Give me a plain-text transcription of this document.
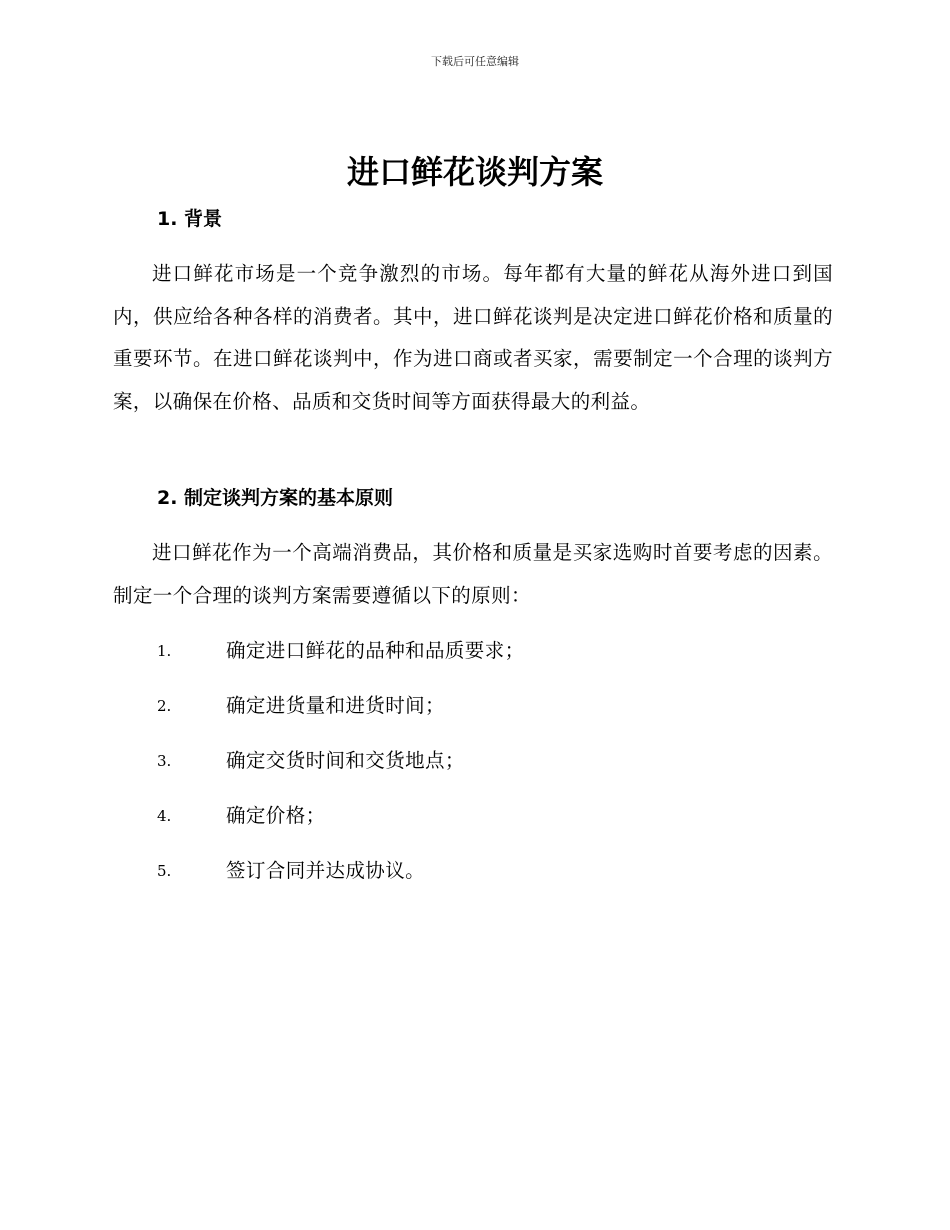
下载后可任意编辑
进口鲜花谈判方案
1. 背景

进口鲜花市场是一个竞争激烈的市场。每年都有大量的鲜花从海外进口到国内，供应给各种各样的消费者。其中，进口鲜花谈判是决定进口鲜花价格和质量的重要环节。在进口鲜花谈判中，作为进口商或者买家，需要制定一个合理的谈判方案，以确保在价格、品质和交货时间等方面获得最大的利益。

2. 制定谈判方案的基本原则

进口鲜花作为一个高端消费品，其价格和质量是买家选购时首要考虑的因素。制定一个合理的谈判方案需要遵循以下的原则：

1.	确定进口鲜花的品种和品质要求；
2.	确定进货量和进货时间；
3.	确定交货时间和交货地点；
4.	确定价格；
5.	签订合同并达成协议。
